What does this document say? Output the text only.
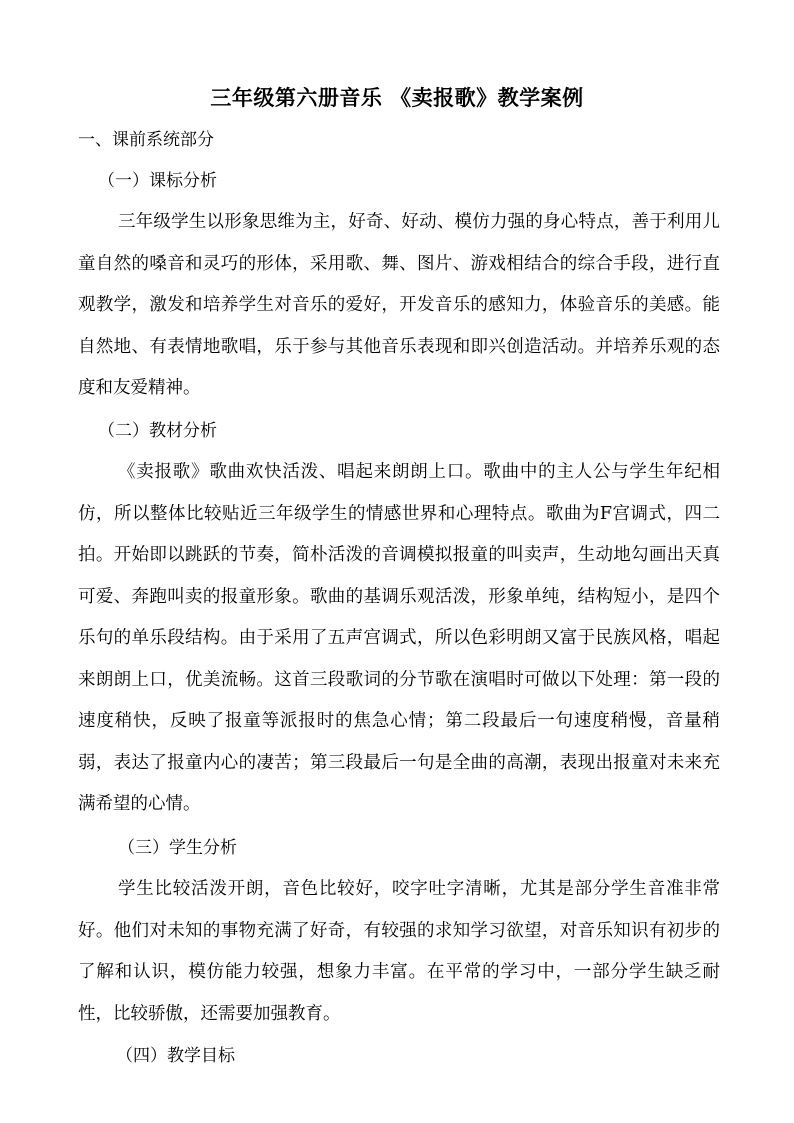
三年级第六册音乐 《卖报歌》教学案例
一、课前系统部分
（一）课标分析
三年级学生以形象思维为主，好奇、好动、模仿力强的身心特点，善于利用儿童自然的嗓音和灵巧的形体，采用歌、舞、图片、游戏相结合的综合手段，进行直观教学，激发和培养学生对音乐的爱好，开发音乐的感知力，体验音乐的美感。能自然地、有表情地歌唱，乐于参与其他音乐表现和即兴创造活动。并培养乐观的态度和友爱精神。
（二）教材分析
《卖报歌》歌曲欢快活泼、唱起来朗朗上口。歌曲中的主人公与学生年纪相仿，所以整体比较贴近三年级学生的情感世界和心理特点。歌曲为F宫调式，四二拍。开始即以跳跃的节奏，简朴活泼的音调模拟报童的叫卖声，生动地勾画出天真可爱、奔跑叫卖的报童形象。歌曲的基调乐观活泼，形象单纯，结构短小，是四个乐句的单乐段结构。由于采用了五声宫调式，所以色彩明朗又富于民族风格，唱起来朗朗上口，优美流畅。这首三段歌词的分节歌在演唱时可做以下处理：第一段的速度稍快，反映了报童等派报时的焦急心情；第二段最后一句速度稍慢，音量稍弱，表达了报童内心的凄苦；第三段最后一句是全曲的高潮，表现出报童对未来充满希望的心情。
（三）学生分析
学生比较活泼开朗，音色比较好，咬字吐字清晰，尤其是部分学生音准非常好。他们对未知的事物充满了好奇，有较强的求知学习欲望，对音乐知识有初步的了解和认识，模仿能力较强，想象力丰富。在平常的学习中，一部分学生缺乏耐性，比较骄傲，还需要加强教育。
（四）教学目标
